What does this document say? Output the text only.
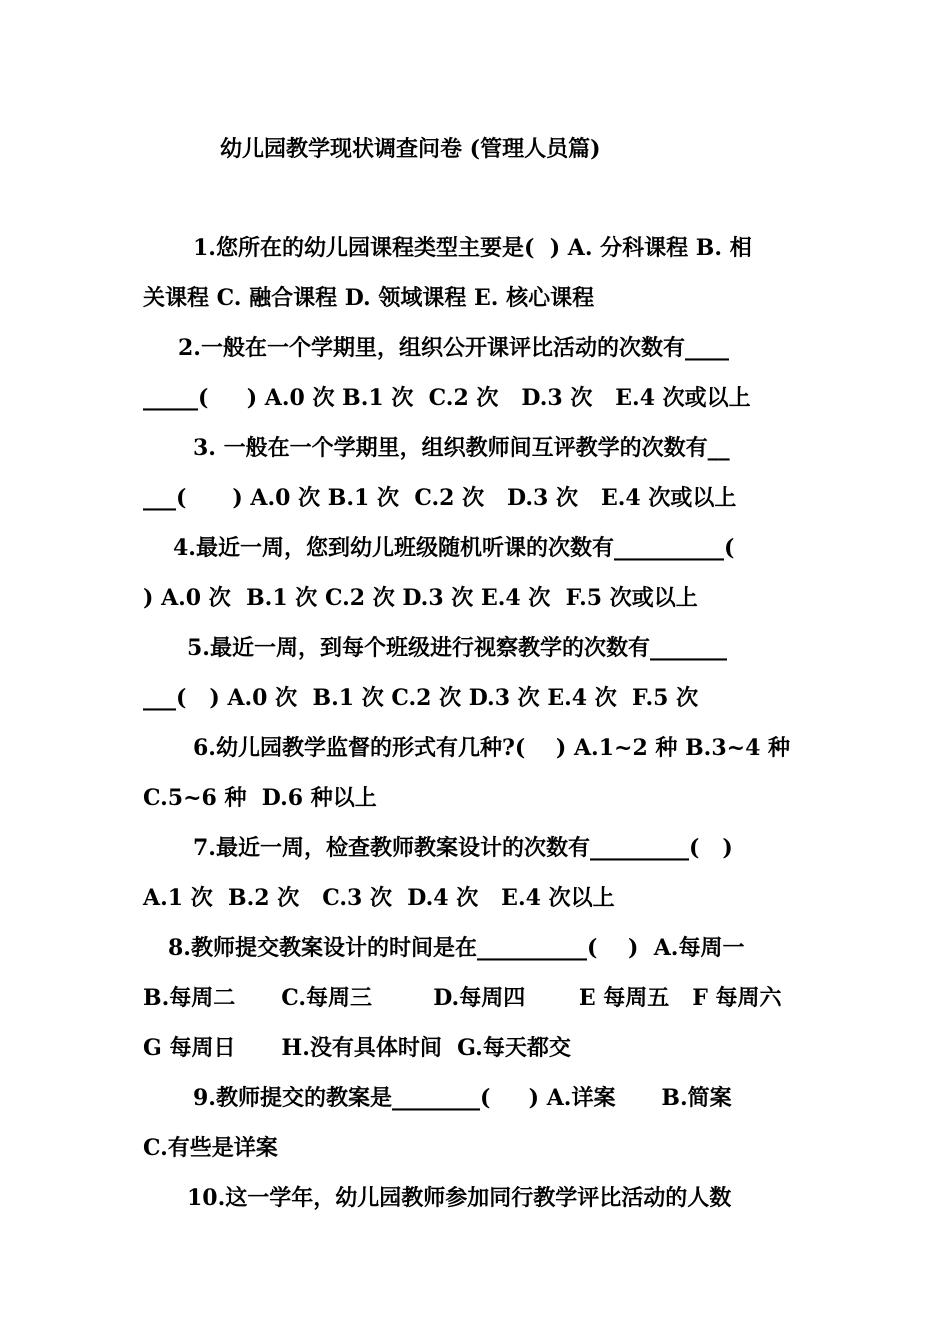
幼儿园教学现状调查问卷 (管理人员篇)
1.您所在的幼儿园课程类型主要是(  ) A. 分科课程 B. 相
关课程 C. 融合课程 D. 领域课程 E. 核心课程
2.一般在一个学期里，组织公开课评比活动的次数有____
_____(     ) A.0 次 B.1 次  C.2 次   D.3 次   E.4 次或以上
3. 一般在一个学期里，组织教师间互评教学的次数有__
___(      ) A.0 次 B.1 次  C.2 次   D.3 次   E.4 次或以上
4.最近一周，您到幼儿班级随机听课的次数有__________(
) A.0 次  B.1 次 C.2 次 D.3 次 E.4 次  F.5 次或以上
5.最近一周，到每个班级进行视察教学的次数有_______
___(   ) A.0 次  B.1 次 C.2 次 D.3 次 E.4 次  F.5 次
6.幼儿园教学监督的形式有几种?(    ) A.1~2 种 B.3~4 种
C.5~6 种  D.6 种以上
7.最近一周，检查教师教案设计的次数有_________(   )
A.1 次  B.2 次   C.3 次  D.4 次   E.4 次以上
8.教师提交教案设计的时间是在__________(    )  A.每周一
B.每周二      C.每周三        D.每周四       E 每周五   F 每周六
G 每周日      H.没有具体时间  G.每天都交
9.教师提交的教案是________(     ) A.详案      B.简案
C.有些是详案
10.这一学年，幼儿园教师参加同行教学评比活动的人数
